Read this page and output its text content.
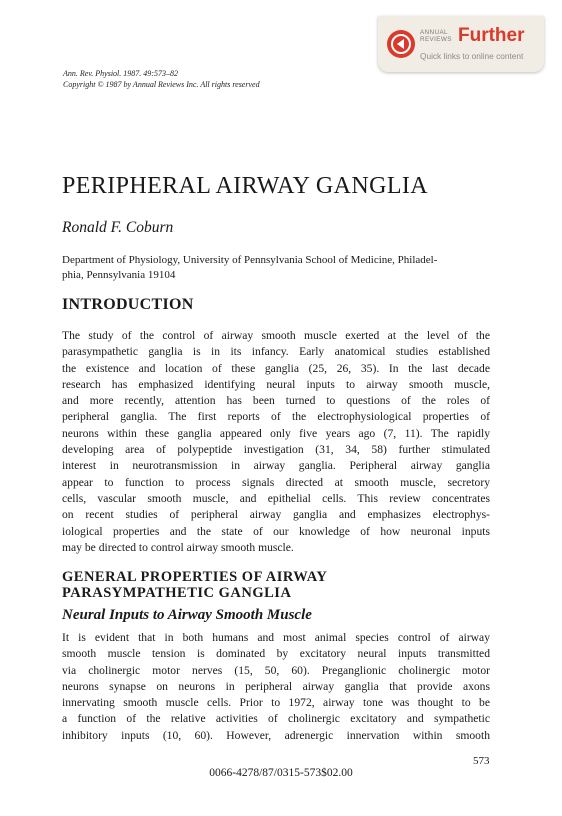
ANNUAL
REVIEWS Further
Quick links to online content
Ann. Rev. Physiol. 1987. 49:573–82
Copyright © 1987 by Annual Reviews Inc. All rights reserved
PERIPHERAL AIRWAY GANGLIA
Ronald F. Coburn

Department of Physiology, University of Pennsylvania School of Medicine, Philadel-
phia, Pennsylvania 19104

INTRODUCTION
The study of the control of airway smooth muscle exerted at the level of the
parasympathetic ganglia is in its infancy. Early anatomical studies established
the existence and location of these ganglia (25, 26, 35). In the last decade
research has emphasized identifying neural inputs to airway smooth muscle,
and more recently, attention has been turned to questions of the roles of
peripheral ganglia. The first reports of the electrophysiological properties of
neurons within these ganglia appeared only five years ago (7, 11). The rapidly
developing area of polypeptide investigation (31, 34, 58) further stimulated
interest in neurotransmission in airway ganglia. Peripheral airway ganglia
appear to function to process signals directed at smooth muscle, secretory
cells, vascular smooth muscle, and epithelial cells. This review concentrates
on recent studies of peripheral airway ganglia and emphasizes electrophys-
iological properties and the state of our knowledge of how neuronal inputs
may be directed to control airway smooth muscle.
GENERAL PROPERTIES OF AIRWAY
PARASYMPATHETIC GANGLIA
Neural Inputs to Airway Smooth Muscle
It is evident that in both humans and most animal species control of airway
smooth muscle tension is dominated by excitatory neural inputs transmitted
via cholinergic motor nerves (15, 50, 60). Preganglionic cholinergic motor
neurons synapse on neurons in peripheral airway ganglia that provide axons
innervating smooth muscle cells. Prior to 1972, airway tone was thought to be
a function of the relative activities of cholinergic excitatory and sympathetic
inhibitory inputs (10, 60). However, adrenergic innervation within smooth
573
0066-4278/87/0315-573$02.00
